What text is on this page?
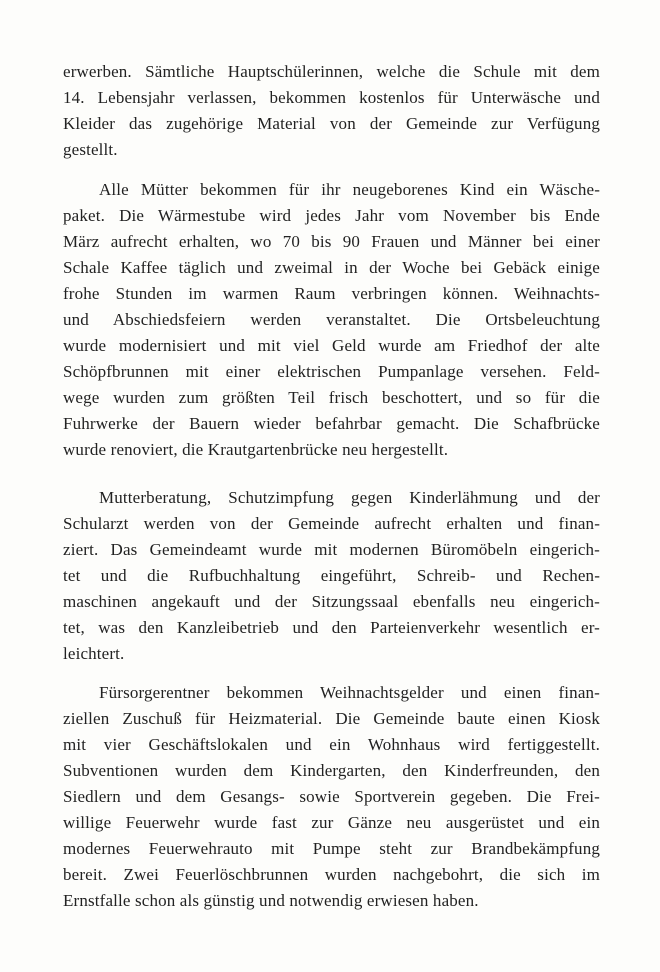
erwerben. Sämtliche Hauptschülerinnen, welche die Schule mit dem
14. Lebensjahr verlassen, bekommen kostenlos für Unterwäsche und
Kleider das zugehörige Material von der Gemeinde zur Verfügung
gestellt.

Alle Mütter bekommen für ihr neugeborenes Kind ein Wäsche-
paket. Die Wärmestube wird jedes Jahr vom November bis Ende
März aufrecht erhalten, wo 70 bis 90 Frauen und Männer bei einer
Schale Kaffee täglich und zweimal in der Woche bei Gebäck einige
frohe Stunden im warmen Raum verbringen können. Weihnachts-
und Abschiedsfeiern werden veranstaltet. Die Ortsbeleuchtung
wurde modernisiert und mit viel Geld wurde am Friedhof der alte
Schöpfbrunnen mit einer elektrischen Pumpanlage versehen. Feld-
wege wurden zum größten Teil frisch beschottert, und so für die
Fuhrwerke der Bauern wieder befahrbar gemacht. Die Schafbrücke
wurde renoviert, die Krautgartenbrücke neu hergestellt.

Mutterberatung, Schutzimpfung gegen Kinderlähmung und der
Schularzt werden von der Gemeinde aufrecht erhalten und finan-
ziert. Das Gemeindeamt wurde mit modernen Büromöbeln eingerich-
tet und die Rufbuchhaltung eingeführt, Schreib- und Rechen-
maschinen angekauft und der Sitzungssaal ebenfalls neu eingerich-
tet, was den Kanzleibetrieb und den Parteienverkehr wesentlich er-
leichtert.

Fürsorgerentner bekommen Weihnachtsgelder und einen finan-
ziellen Zuschuß für Heizmaterial. Die Gemeinde baute einen Kiosk
mit vier Geschäftslokalen und ein Wohnhaus wird fertiggestellt.
Subventionen wurden dem Kindergarten, den Kinderfreunden, den
Siedlern und dem Gesangs- sowie Sportverein gegeben. Die Frei-
willige Feuerwehr wurde fast zur Gänze neu ausgerüstet und ein
modernes Feuerwehrauto mit Pumpe steht zur Brandbekämpfung
bereit. Zwei Feuerlöschbrunnen wurden nachgebohrt, die sich im
Ernstfalle schon als günstig und notwendig erwiesen haben.
